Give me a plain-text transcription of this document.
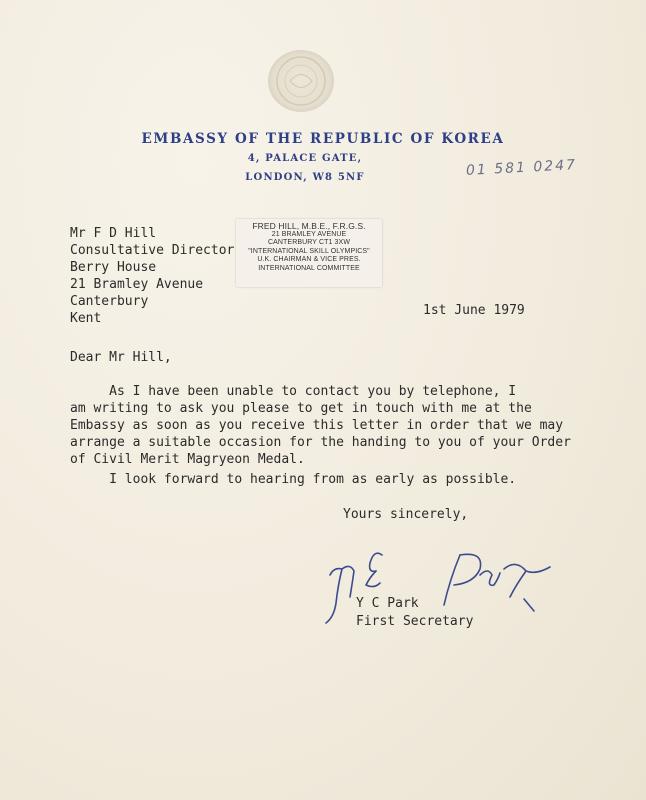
EMBASSY OF THE REPUBLIC OF KOREA
4, PALACE GATE,
LONDON, W8 5NF	01 581 0247
Mr F D Hill
Consultative Director
Berry House
21 Bramley Avenue
Canterbury
Kent
FRED HILL, M.B.E., F.R.G.S.
21 BRAMLEY AVENUE
CANTERBURY CT1 3XW
"INTERNATIONAL SKILL OLYMPICS"
U.K. CHAIRMAN & VICE PRES.
INTERNATIONAL COMMITTEE
1st June 1979
Dear Mr Hill,
As I have been unable to contact you by telephone, I
am writing to ask you please to get in touch with me at the
Embassy as soon as you receive this letter in order that we may
arrange a suitable occasion for the handing to you of your Order
of Civil Merit Magryeon Medal.
I look forward to hearing from as early as possible.
Yours sincerely,
Y C Park
First Secretary
